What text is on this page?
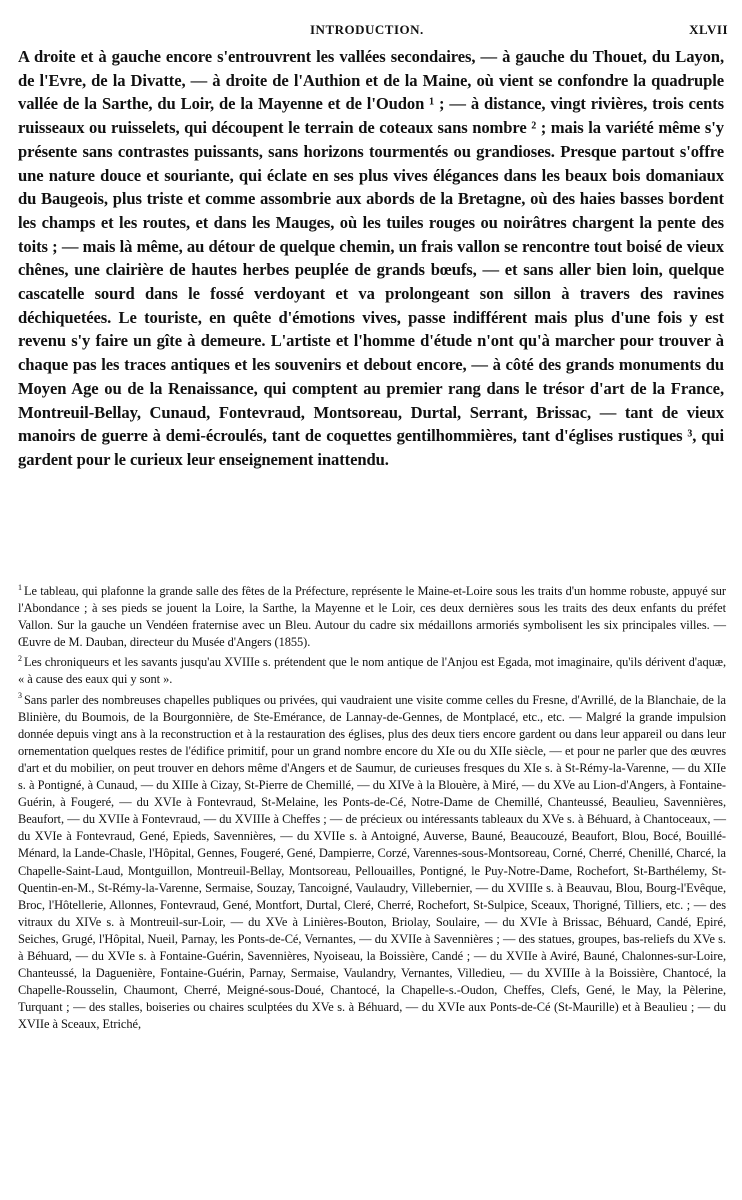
INTRODUCTION.	XLVII

A droite et à gauche encore s'entrouvrent les vallées secondaires, — à gauche du Thouet, du Layon, de l'Evre, de la Divatte, — à droite de l'Authion et de la Maine, où vient se confondre la quadruple vallée de la Sarthe, du Loir, de la Mayenne et de l'Oudon ¹ ; — à distance, vingt rivières, trois cents ruisseaux ou ruisselets, qui découpent le terrain de coteaux sans nombre ² ; mais la variété même s'y présente sans contrastes puissants, sans horizons tourmentés ou grandioses. Presque partout s'offre une nature douce et souriante, qui éclate en ses plus vives élégances dans les beaux bois domaniaux du Baugeois, plus triste et comme assombrie aux abords de la Bretagne, où des haies basses bordent les champs et les routes, et dans les Mauges, où les tuiles rouges ou noirâtres chargent la pente des toits ; — mais là même, au détour de quelque chemin, un frais vallon se rencontre tout boisé de vieux chênes, une clairière de hautes herbes peuplée de grands bœufs, — et sans aller bien loin, quelque cascatelle sourd dans le fossé verdoyant et va prolongeant son sillon à travers des ravines déchiquetées. Le touriste, en quête d'émotions vives, passe indifférent mais plus d'une fois y est revenu s'y faire un gîte à demeure. L'artiste et l'homme d'étude n'ont qu'à marcher pour trouver à chaque pas les traces antiques et les souvenirs et debout encore, — à côté des grands monuments du Moyen Age ou de la Renaissance, qui comptent au premier rang dans le trésor d'art de la France, Montreuil-Bellay, Cunaud, Fontevraud, Montsoreau, Durtal, Serrant, Brissac, — tant de vieux manoirs de guerre à demi-écroulés, tant de coquettes gentilhommières, tant d'églises rustiques ³, qui gardent pour le curieux leur enseignement inattendu.

$^1$ Le tableau, qui plafonne la grande salle des fêtes de la Préfecture, représente le Maine-et-Loire sous les traits d'un homme robuste, appuyé sur l'Abondance ; à ses pieds se jouent la Loire, la Sarthe, la Mayenne et le Loir, ces deux dernières sous les traits des deux enfants du préfet Vallon. Sur la gauche un Vendéen fraternise avec un Bleu. Autour du cadre six médaillons armoriés symbolisent les six principales villes. — Œuvre de M. Dauban, directeur du Musée d'Angers (1855).

$^2$ Les chroniqueurs et les savants jusqu'au XVIIIe s. prétendent que le nom antique de l'Anjou est Egada, mot imaginaire, qu'ils dérivent d'aquæ, « à cause des eaux qui y sont ».

$^3$ Sans parler des nombreuses chapelles publiques ou privées, qui vaudraient une visite comme celles du Fresne, d'Avrillé, de la Blanchaie, de la Blinière, du Boumois, de la Bourgonnière, de Ste-Emérance, de Lannay-de-Gennes, de Montplacé, etc., etc. — Malgré la grande impulsion donnée depuis vingt ans à la reconstruction et à la restauration des églises, plus des deux tiers encore gardent ou dans leur appareil ou dans leur ornementation quelques restes de l'édifice primitif, pour un grand nombre encore du XIe ou du XIIe siècle, — et pour ne parler que des œuvres d'art et du mobilier, on peut trouver en dehors même d'Angers et de Saumur, de curieuses fresques du XIe s. à St-Rémy-la-Varenne, — du XIIe s. à Pontigné, à Cunaud, — du XIIIe à Cizay, St-Pierre de Chemillé, — du XIVe à la Blouère, à Miré, — du XVe au Lion-d'Angers, à Fontaine-Guérin, à Fougeré, — du XVIe à Fontevraud, St-Melaine, les Ponts-de-Cé, Notre-Dame de Chemillé, Chanteussé, Beaulieu, Savennières, Beaufort, — du XVIIe à Fontevraud, — du XVIIIe à Cheffes ; — de précieux ou intéressants tableaux du XVe s. à Béhuard, à Chantoceaux, — du XVIe à Fontevraud, Gené, Epieds, Savennières, — du XVIIe s. à Antoigné, Auverse, Bauné, Beaucouzé, Beaufort, Blou, Bocé, Bouillé-Ménard, la Lande-Chasle, l'Hôpital, Gennes, Fougeré, Gené, Dampierre, Corzé, Varennes-sous-Montsoreau, Corné, Cherré, Chenillé, Charcé, la Chapelle-Saint-Laud, Montguillon, Montreuil-Bellay, Montsoreau, Pellouailles, Pontigné, le Puy-Notre-Dame, Rochefort, St-Barthélemy, St-Quentin-en-M., St-Rémy-la-Varenne, Sermaise, Souzay, Tancoigné, Vaulaudry, Villebernier, — du XVIIIe s. à Beauvau, Blou, Bourg-l'Evêque, Broc, l'Hôtellerie, Allonnes, Fontevraud, Gené, Montfort, Durtal, Cleré, Cherré, Rochefort, St-Sulpice, Sceaux, Thorigné, Tilliers, etc. ; — des vitraux du XIVe s. à Montreuil-sur-Loir, — du XVe à Linières-Bouton, Briolay, Soulaire, — du XVIe à Brissac, Béhuard, Candé, Epiré, Seiches, Grugé, l'Hôpital, Nueil, Parnay, les Ponts-de-Cé, Vernantes, — du XVIIe à Savennières ; — des statues, groupes, bas-reliefs du XVe s. à Béhuard, — du XVIe s. à Fontaine-Guérin, Savennières, Nyoiseau, la Boissière, Candé ; — du XVIIe à Aviré, Bauné, Chalonnes-sur-Loire, Chanteussé, la Daguenière, Fontaine-Guérin, Parnay, Sermaise, Vaulandry, Vernantes, Villedieu, — du XVIIIe à la Boissière, Chantocé, la Chapelle-Rousselin, Chaumont, Cherré, Meigné-sous-Doué, Chantocé, la Chapelle-s.-Oudon, Cheffes, Clefs, Gené, le May, la Pèlerine, Turquant ; — des stalles, boiseries ou chaires sculptées du XVe s. à Béhuard, — du XVIe aux Ponts-de-Cé (St-Maurille) et à Beaulieu ; — du XVIIe à Sceaux, Etriché,
